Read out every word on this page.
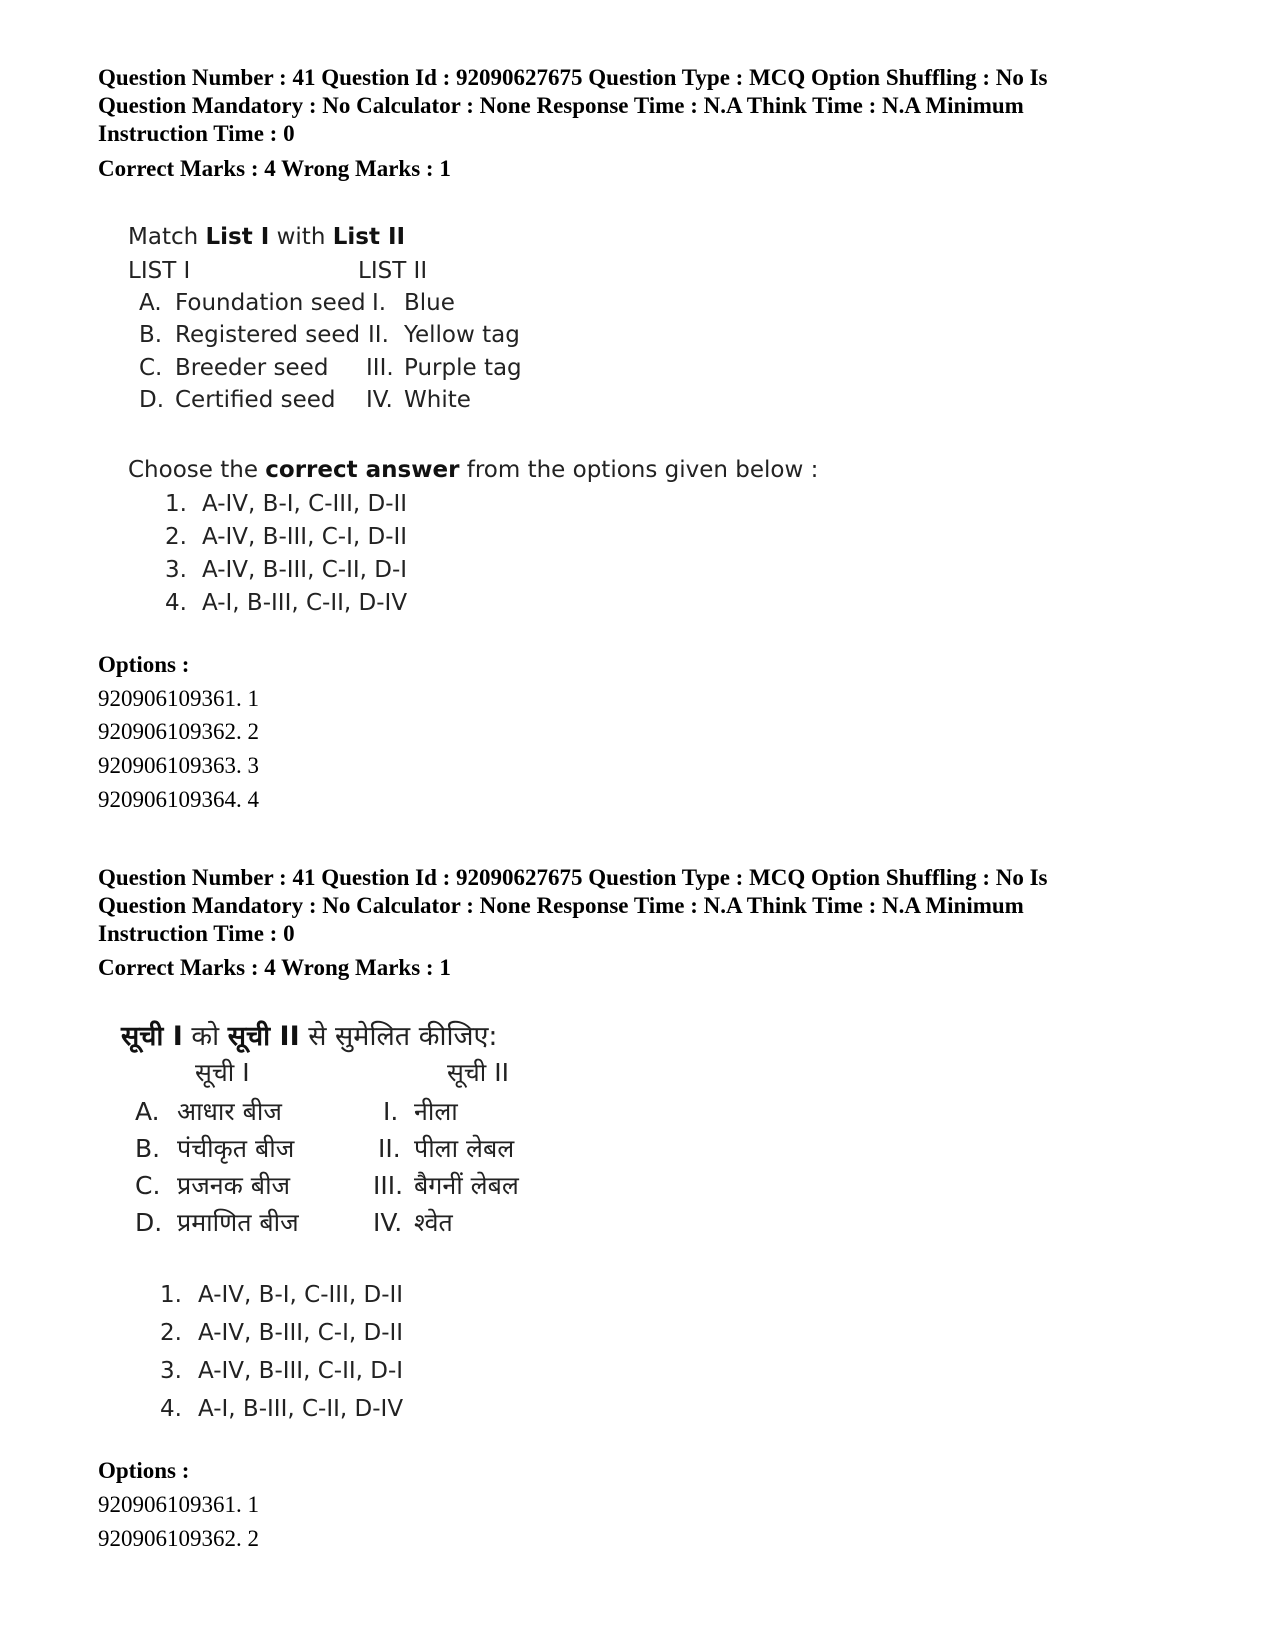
Question Number : 41 Question Id : 92090627675 Question Type : MCQ Option Shuffling : No Is
Question Mandatory : No Calculator : None Response Time : N.A Think Time : N.A Minimum
Instruction Time : 0
Correct Marks : 4 Wrong Marks : 1
Match List I with List II
LIST I	LIST II
A. Foundation seed I. Blue
B. Registered seed II. Yellow tag
C. Breeder seed III. Purple tag
D. Certified seed IV. White
Choose the correct answer from the options given below :
1. A-IV, B-I, C-III, D-II
2. A-IV, B-III, C-I, D-II
3. A-IV, B-III, C-II, D-I
4. A-I, B-III, C-II, D-IV
Options :
920906109361. 1
920906109362. 2
920906109363. 3
920906109364. 4
Question Number : 41 Question Id : 92090627675 Question Type : MCQ Option Shuffling : No Is
Question Mandatory : No Calculator : None Response Time : N.A Think Time : N.A Minimum
Instruction Time : 0
Correct Marks : 4 Wrong Marks : 1
सूची I को सूची II से सुमेलित कीजिए:
सूची I	सूची II
A. आधार बीज	I. नीला
B. पंचीकृत बीज	II. पीला लेबल
C. प्रजनक बीज	III. बैगनीं लेबल
D. प्रमाणित बीज	IV. श्वेत
1. A-IV, B-I, C-III, D-II
2. A-IV, B-III, C-I, D-II
3. A-IV, B-III, C-II, D-I
4. A-I, B-III, C-II, D-IV
Options :
920906109361. 1
920906109362. 2
